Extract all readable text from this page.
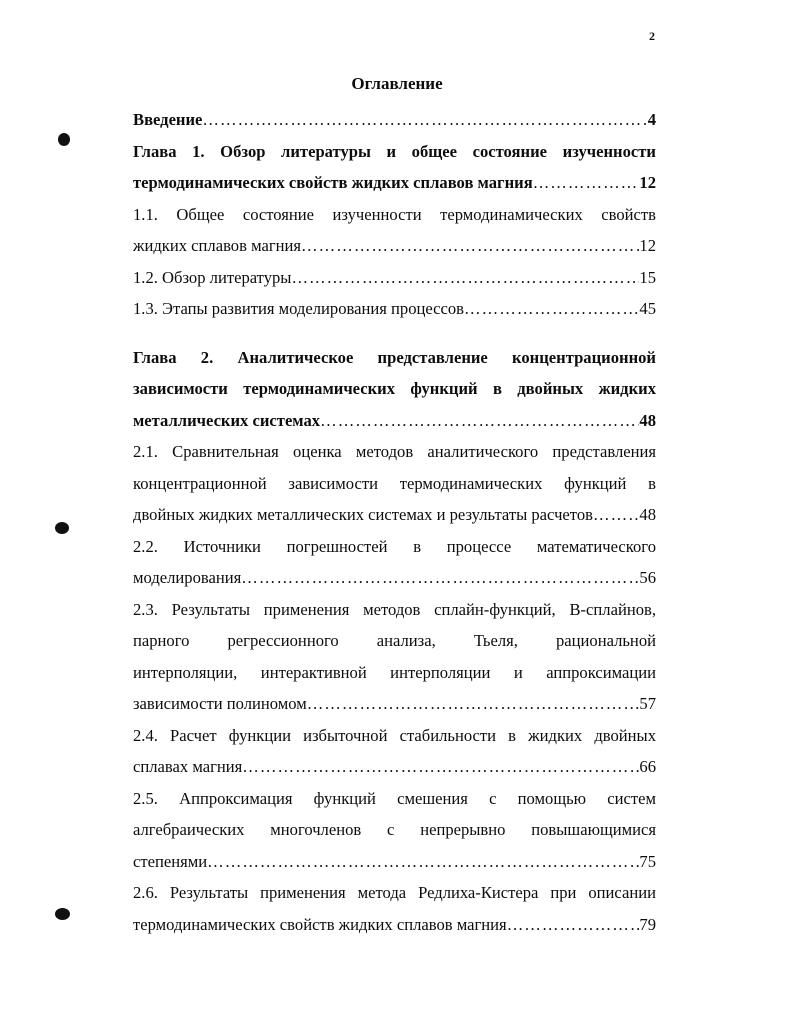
2
Оглавление
Введение ………………………………………………………………………………………………………………………………………………………	4
Глава 1. Обзор литературы и общее состояние изученности
термодинамических свойств жидких сплавов магния ………………………………………………………………………………………………………………………………………………………	12
1.1. Общее состояние изученности термодинамических свойств
жидких сплавов магния ………………………………………………………………………………………………………………………………………………………	12
1.2. Обзор литературы ………………………………………………………………………………………………………………………………………………………	15
1.3. Этапы развития моделирования процессов ………………………………………………………………………………………………………………………………………………………	45
Глава 2. Аналитическое представление концентрационной
зависимости термодинамических функций в двойных жидких
металлических системах ………………………………………………………………………………………………………………………………………………………	48
2.1. Сравнительная оценка методов аналитического представления
концентрационной зависимости термодинамических функций в
двойных жидких металлических системах и результаты расчетов ………………………………………………………………………………………………………………………………………………………	48
2.2. Источники погрешностей в процессе математического
моделирования ………………………………………………………………………………………………………………………………………………………	56
2.3. Результаты применения методов сплайн-функций, В-сплайнов,
парного регрессионного анализа, Тьеля, рациональной
интерполяции, интерактивной интерполяции и аппроксимации
зависимости полиномом ………………………………………………………………………………………………………………………………………………………	57
2.4. Расчет функции избыточной стабильности в жидких двойных
сплавах магния ………………………………………………………………………………………………………………………………………………………	66
2.5. Аппроксимация функций смешения с помощью систем
алгебраических многочленов с непрерывно повышающимися
степенями ………………………………………………………………………………………………………………………………………………………	75
2.6. Результаты применения метода Редлиха-Кистера при описании
термодинамических свойств жидких сплавов магния ………………………………………………………………………………………………………………………………………………………	79
